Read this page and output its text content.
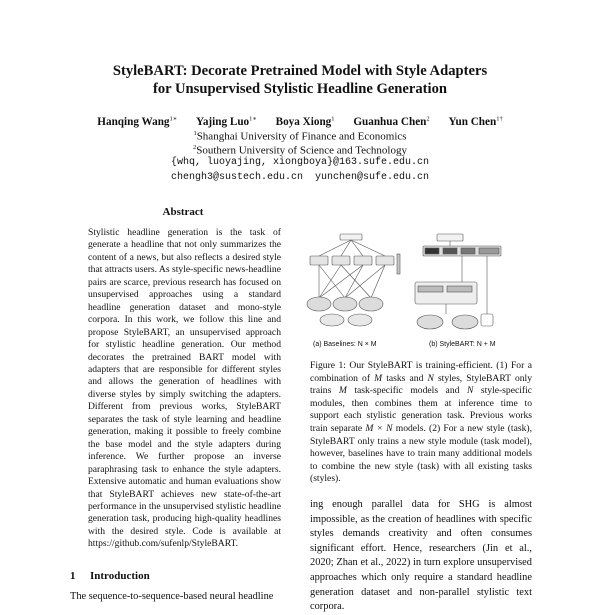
StyleBART: Decorate Pretrained Model with Style Adapters
for Unsupervised Stylistic Headline Generation
Hanqing Wang$^{1∗}$ Yajing Luo$^{1∗}$ Boya Xiong$^1$ Guanhua Chen$^2$ Yun Chen$^{1\dagger}$
$^1$Shanghai University of Finance and Economics
$^2$Southern University of Science and Technology
{whq, luoyajing, xiongboya}@163.sufe.edu.cn
chengh3@sustech.edu.cn  yunchen@sufe.edu.cn
Abstract
Stylistic headline generation is the task of generate a headline that not only summarizes the content of a news, but also reflects a desired style that attracts users. As style-specific news-headline pairs are scarce, previous research has focused on unsupervised approaches using a standard headline generation dataset and mono-style corpora. In this work, we follow this line and propose StyleBART, an unsupervised approach for stylistic headline generation. Our method decorates the pretrained BART model with adapters that are responsible for different styles and allows the generation of headlines with diverse styles by simply switching the adapters. Different from previous works, StyleBART separates the task of style learning and headline generation, making it possible to freely combine the base model and the style adapters during inference. We further propose an inverse paraphrasing task to enhance the style adapters. Extensive automatic and human evaluations show that StyleBART achieves new state-of-the-art performance in the unsupervised stylistic headline generation task, producing high-quality headlines with the desired style. Code is available at https://github.com/sufenlp/StyleBART.
1 Introduction
The sequence-to-sequence-based neural headline
(a) Baselines: N × M	(b) StyleBART: N + M
Figure 1: Our StyleBART is training-efficient. (1) For a combination of M tasks and N styles, StyleBART only trains M task-specific models and N style-specific modules, then combines them at inference time to support each stylistic generation task. Previous works train separate M × N models. (2) For a new style (task), StyleBART only trains a new style module (task model), however, baselines have to train many additional models to combine the new style (task) with all existing tasks (styles).
ing enough parallel data for SHG is almost impossible, as the creation of headlines with specific styles demands creativity and often consumes significant effort. Hence, researchers (Jin et al., 2020; Zhan et al., 2022) in turn explore unsupervised approaches which only require a standard headline generation dataset and non-parallel stylistic text corpora.
